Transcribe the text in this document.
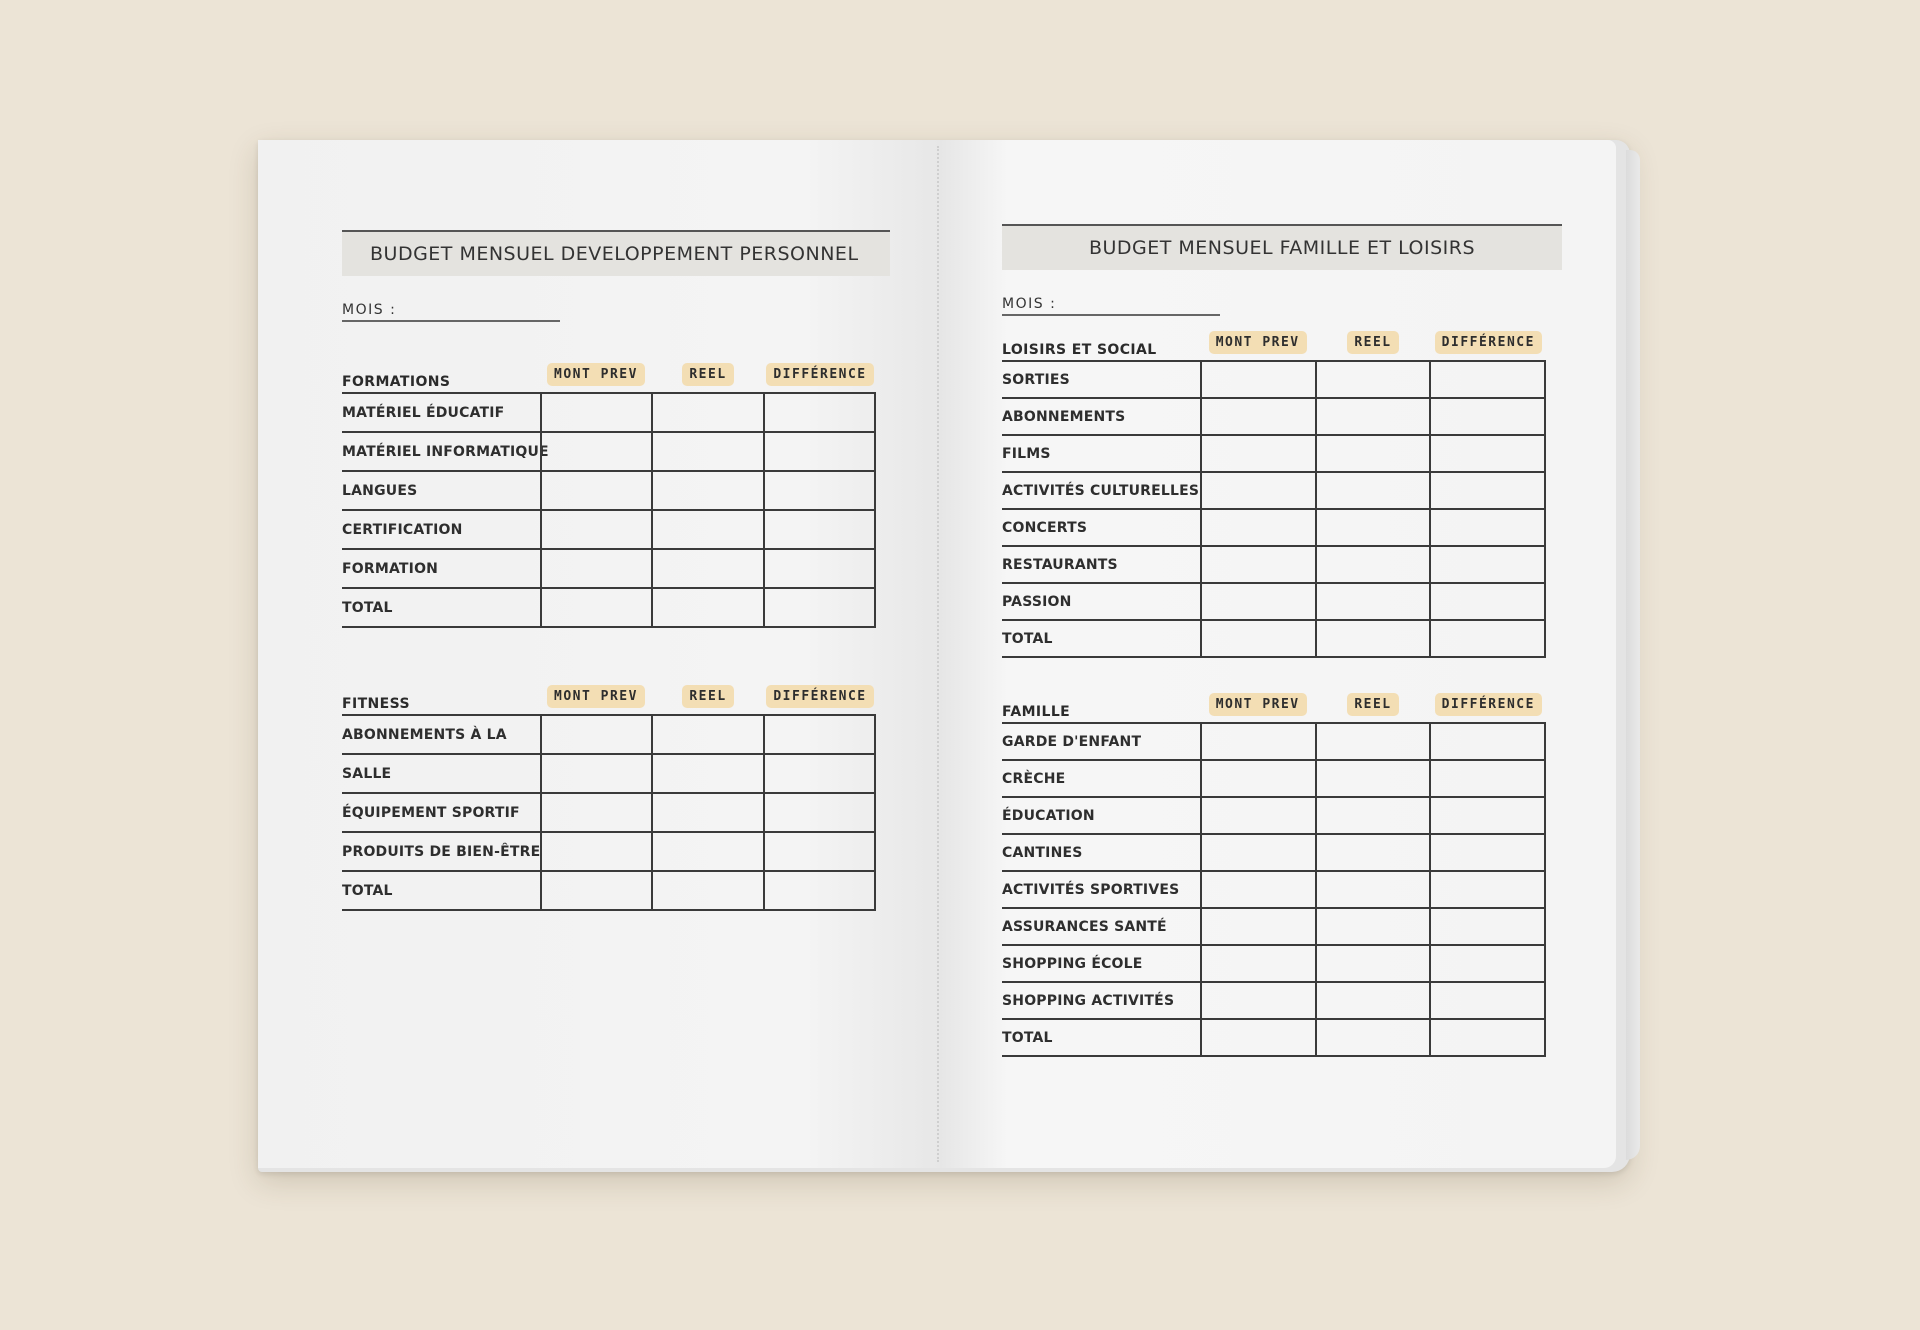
BUDGET MENSUEL DEVELOPPEMENT PERSONNEL
MOIS :
FORMATIONS	MONT PREV	REEL	DIFFÉRENCE
MATÉRIEL ÉDUCATIF
MATÉRIEL INFORMATIQUE
LANGUES
CERTIFICATION
FORMATION
TOTAL
FITNESS	MONT PREV	REEL	DIFFÉRENCE
ABONNEMENTS À LA
SALLE
ÉQUIPEMENT SPORTIF
PRODUITS DE BIEN-ÊTRE
TOTAL
BUDGET MENSUEL FAMILLE ET LOISIRS
MOIS :
LOISIRS ET SOCIAL	MONT PREV	REEL	DIFFÉRENCE
SORTIES
ABONNEMENTS
FILMS
ACTIVITÉS CULTURELLES
CONCERTS
RESTAURANTS
PASSION
TOTAL
FAMILLE	MONT PREV	REEL	DIFFÉRENCE
GARDE D'ENFANT
CRÈCHE
ÉDUCATION
CANTINES
ACTIVITÉS SPORTIVES
ASSURANCES SANTÉ
SHOPPING ÉCOLE
SHOPPING ACTIVITÉS
TOTAL
